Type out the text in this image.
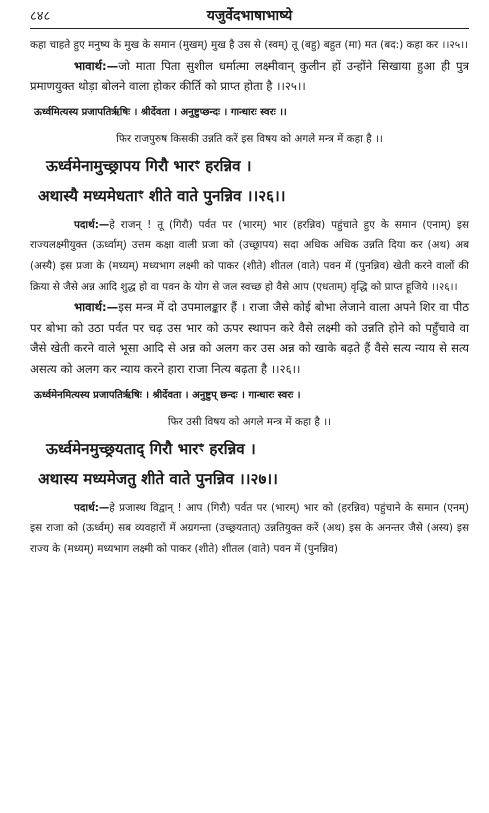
८४८	यजुर्वेदभाषाभाष्ये

कहा चाहते हुए मनुष्य के मुख के समान (मुखम्) मुख है उस से (स्वम्) तू (बहु) बहुत (मा) मत (बद:) कहा कर ।।२५।।

भावार्थ:—जो माता पिता सुशील धर्मात्मा लक्ष्मीवान् कुलीन हों उन्होंने सिखाया हुआ ही पुत्र प्रमाणयुक्त थोड़ा बोलने वाला होकर कीर्ति को प्राप्त होता है ।।२५।।

ऊर्ध्वमित्यस्य प्रजापतिर्ऋषिः । श्रीर्देवता । अनुष्टुप्छन्दः । गान्धारः स्वरः ।।

फिर राजपुरुष किसकी उन्नति करें इस विषय को अगले मन्त्र में कहा है ।।

ऊर्ध्वमेनामुच्छ्रापय गिरौ भारꣳ हरन्निव ।

अथास्यै मध्यमेधताꣳ शीते वाते पुनन्निव ।।२६।।

पदार्थ:—हे राजन् ! तू (गिरौ) पर्वत पर (भारम्) भार (हरन्निव) पहुंचाते हुए के समान (एनाम्) इस राज्यलक्ष्मीयुक्त (ऊर्ध्वाम्) उत्तम कक्षा वाली प्रजा को (उच्छ्रापय) सदा अधिक अधिक उन्नति दिया कर (अथ) अब (अस्यै) इस प्रजा के (मध्यम्) मध्यभाग लक्ष्मी को पाकर (शीते) शीतल (वाते) पवन में (पुनन्निव) खेती करने वालों की क्रिया से जैसे अन्न आदि शुद्ध हो वा पवन के योग से जल स्वच्छ हो वैसे आप (एधताम्) वृद्धि को प्राप्त हूजिये ।।२६।।

भावार्थ:—इस मन्त्र में दो उपमालङ्कार हैं । राजा जैसे कोई बोभा लेजाने वाला अपने शिर वा पीठ पर बोभा को उठा पर्वत पर चढ़ उस भार को ऊपर स्थापन करे वैसे लक्ष्मी को उन्नति होने को पहुँचावे वा जैसे खेती करने वाले भूसा आदि से अन्न को अलग कर उस अन्न को खाके बढ़ते हैं वैसे सत्य न्याय से सत्य असत्य को अलग कर न्याय करने हारा राजा नित्य बढ़ता है ।।२६।।

ऊर्ध्वमेनमित्यस्य प्रजापतिर्ऋषिः । श्रीर्देवता । अनुष्टुप् छन्दः । गान्धारः स्वरः ।

फिर उसी विषय को अगले मन्त्र में कहा है ।।

ऊर्ध्वमेनमुच्छ्रयताद् गिरौ भारꣳ हरन्निव ।

अथास्य मध्यमेजतु शीते वाते पुनन्निव ।।२७।।

पदार्थ:—हे प्रजास्थ विद्वान् ! आप (गिरौ) पर्वत पर (भारम्) भार को (हरन्निव) पहुंचाने के समान (एनम्) इस राजा को (ऊर्ध्वम्) सब व्यवहारों में अग्रगन्ता (उच्छ्रयतात्) उन्नतियुक्त करें (अथ) इस के अनन्तर जैसे (अस्य) इस राज्य के (मध्यम्) मध्यभाग लक्ष्मी को पाकर (शीते) शीतल (वाते) पवन में (पुनन्निव)
